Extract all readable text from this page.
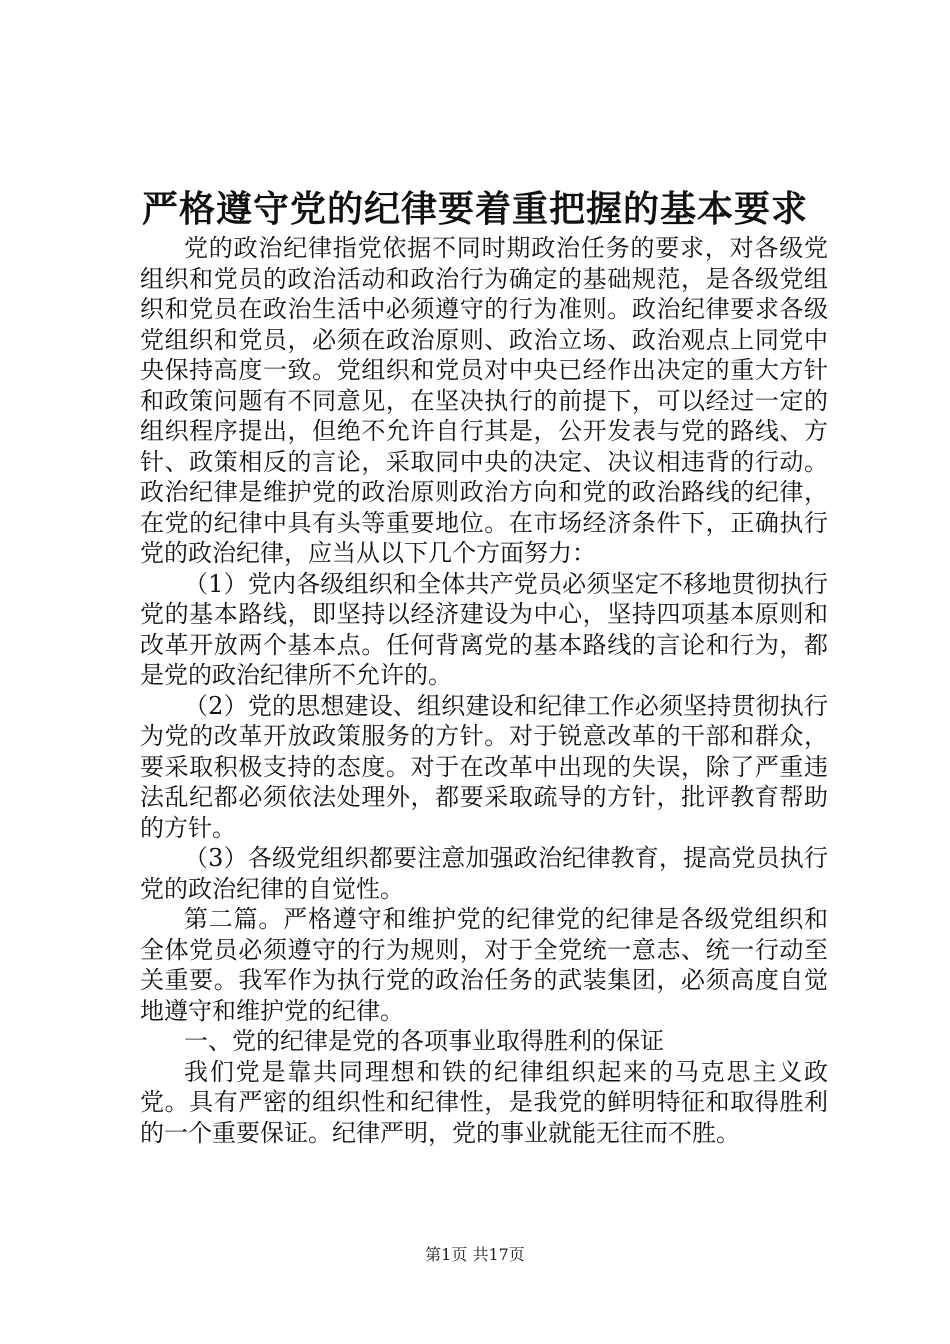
严格遵守党的纪律要着重把握的基本要求

党的政治纪律指党依据不同时期政治任务的要求，对各级党组织和党员的政治活动和政治行为确定的基础规范，是各级党组织和党员在政治生活中必须遵守的行为准则。政治纪律要求各级党组织和党员，必须在政治原则、政治立场、政治观点上同党中央保持高度一致。党组织和党员对中央已经作出决定的重大方针和政策问题有不同意见，在坚决执行的前提下，可以经过一定的组织程序提出，但绝不允许自行其是，公开发表与党的路线、方针、政策相反的言论，采取同中央的决定、决议相违背的行动。政治纪律是维护党的政治原则政治方向和党的政治路线的纪律，在党的纪律中具有头等重要地位。在市场经济条件下，正确执行党的政治纪律，应当从以下几个方面努力：

（1）党内各级组织和全体共产党员必须坚定不移地贯彻执行党的基本路线，即坚持以经济建设为中心，坚持四项基本原则和改革开放两个基本点。任何背离党的基本路线的言论和行为，都是党的政治纪律所不允许的。

（2）党的思想建设、组织建设和纪律工作必须坚持贯彻执行为党的改革开放政策服务的方针。对于锐意改革的干部和群众，要采取积极支持的态度。对于在改革中出现的失误，除了严重违法乱纪都必须依法处理外，都要采取疏导的方针，批评教育帮助的方针。

（3）各级党组织都要注意加强政治纪律教育，提高党员执行党的政治纪律的自觉性。

第二篇。严格遵守和维护党的纪律党的纪律是各级党组织和全体党员必须遵守的行为规则，对于全党统一意志、统一行动至关重要。我军作为执行党的政治任务的武装集团，必须高度自觉地遵守和维护党的纪律。

一、党的纪律是党的各项事业取得胜利的保证

我们党是靠共同理想和铁的纪律组织起来的马克思主义政党。具有严密的组织性和纪律性，是我党的鲜明特征和取得胜利的一个重要保证。纪律严明，党的事业就能无往而不胜。

第1页 共17页
